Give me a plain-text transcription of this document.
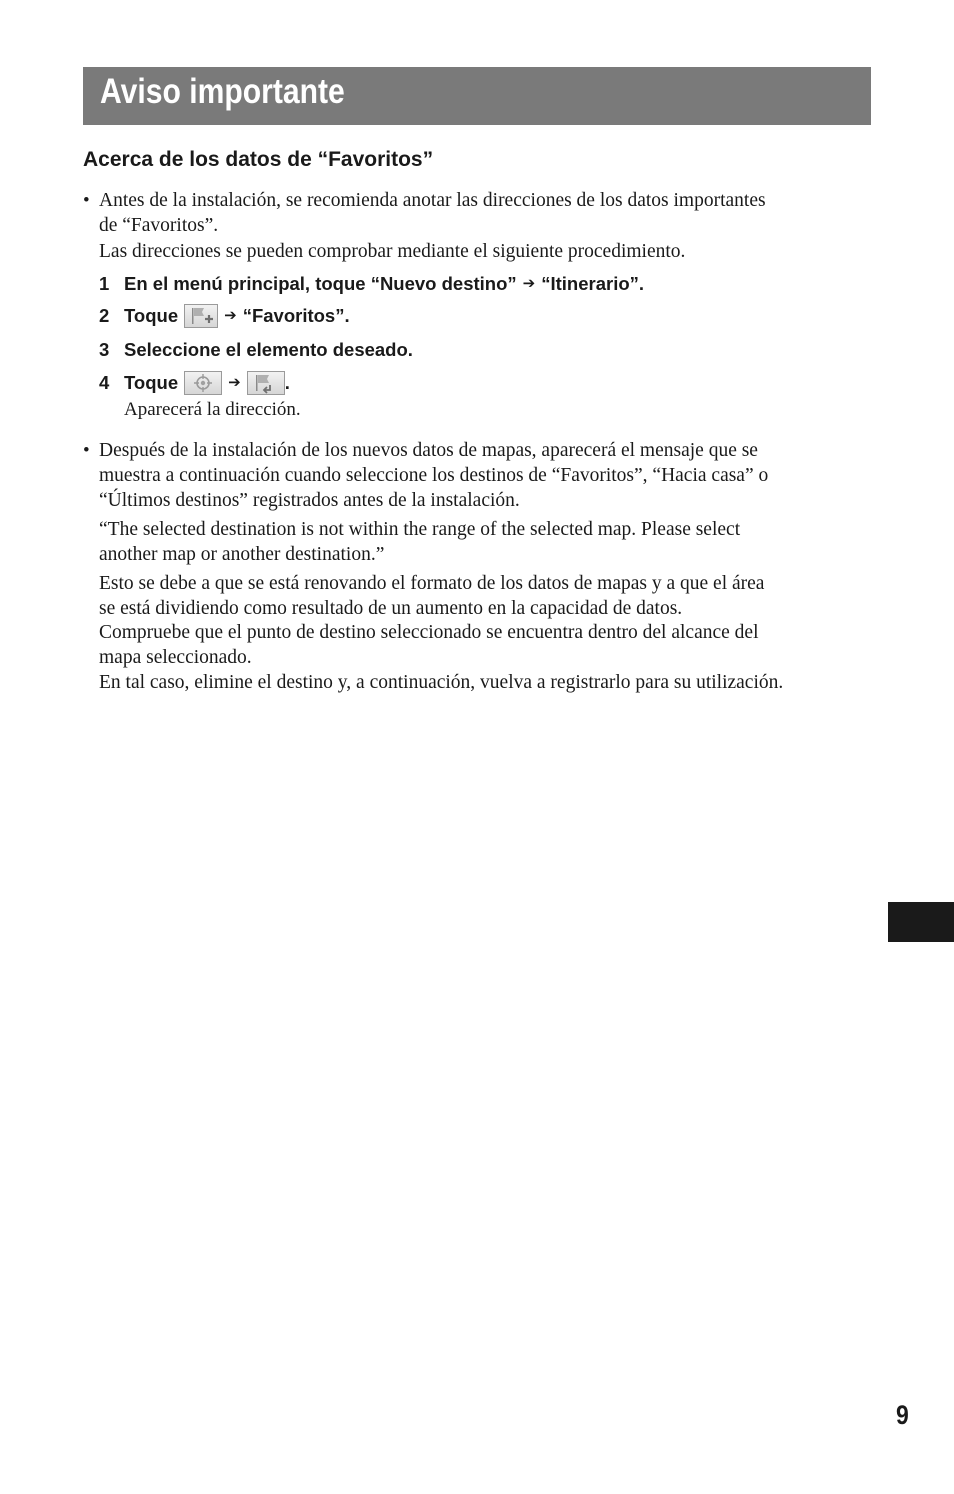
Aviso importante
Acerca de los datos de “Favoritos”
• Antes de la instalación, se recomienda anotar las direcciones de los datos importantes
de “Favoritos”.
Las direcciones se pueden comprobar mediante el siguiente procedimiento.
1 En el menú principal, toque “Nuevo destino” ➔ “Itinerario”.
2 Toque	➔ “Favoritos”.
3 Seleccione el elemento deseado.
4 Toque	➔ .
Aparecerá la dirección.
• Después de la instalación de los nuevos datos de mapas, aparecerá el mensaje que se
muestra a continuación cuando seleccione los destinos de “Favoritos”, “Hacia casa” o
“Últimos destinos” registrados antes de la instalación.
“The selected destination is not within the range of the selected map. Please select
another map or another destination.”
Esto se debe a que se está renovando el formato de los datos de mapas y a que el área
se está dividiendo como resultado de un aumento en la capacidad de datos.
Compruebe que el punto de destino seleccionado se encuentra dentro del alcance del
mapa seleccionado.
En tal caso, elimine el destino y, a continuación, vuelva a registrarlo para su utilización.
9
